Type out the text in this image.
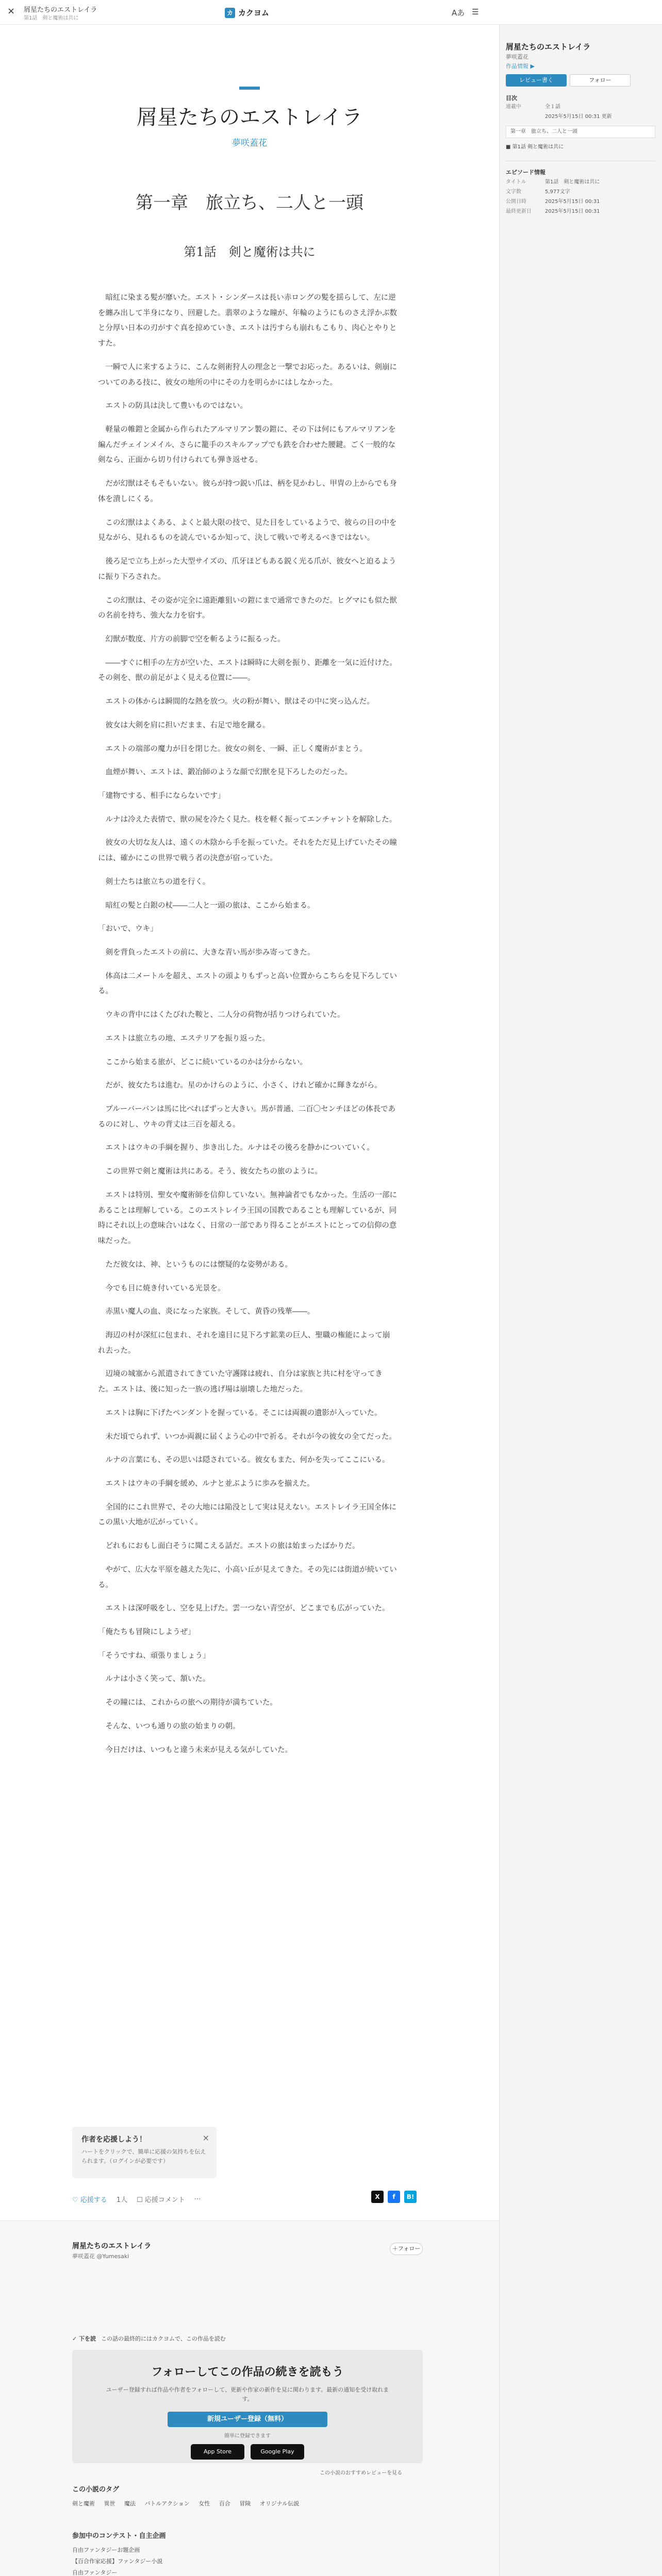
×	屑星たちのエストレイラ
第1話　剣と魔術は共に
カ カクヨム	Aあ ☰
屑星たちのエストレイラ
夢咲蓋花
第一章　旅立ち、二人と一頭
第1話　剣と魔術は共に

暗紅に染まる髪が靡いた。エスト・シンダースは長い赤ロングの髪を揺らして、左に逆を纏み出して半身になり、回避した。翡翠のような瞳が、年輪のようにものさえ浮かぶ数と分厚い日本の刃がすぐ真を掠めていき、エストは汚すらも崩れもこもり、肉心とやりとすた。

一瞬で人に来するように、こんな剣術狩人の理念と一撃でお応った。あるいは、剣崩についてのある技に、彼女の地所の中にその力を明らかにはしなかった。

エストの防具は決して豊いものではない。

軽量の帷鎧と金属から作られたアルマリアン製の鎧に、その下は何にもアルマリアンを編んだチェインメイル、さらに籠手のスキルアップでも鉄を合わせた腰鍵。ごく一般的な剣なら、正面から切り付けられても弾き返せる。

だが幻獣はそもそもいない。彼らが持つ鋭い爪は、柄を見かわし、甲冑の上からでも身体を潰しにくる。

この幻獣はよくある、よくと最大限の技で、見た目をしているようで、彼らの目の中を見ながら、見れるものを読んでいるか知って、決して戦いで考えるべきではない。

後ろ足で立ち上がった大型サイズの、爪牙ほどもある鋭く光る爪が、彼女へと迫るように振り下ろされた。

この幻獣は、その姿が完全に遠距離狙いの鎧にまで通常できたのだ。ヒグマにも似た獣の名前を持ち、強大な力を宿す。

幻獣が数度、片方の前脚で空を斬るように振るった。

――すぐに相手の左方が空いた、エストは瞬時に大剣を振り、距離を一気に近付けた。その剣を、獣の前足がよく見える位置に――。

エストの体からは瞬間的な熱を放つ。火の粉が舞い、獣はその中に突っ込んだ。

彼女は大剣を肩に担いだまま、右足で地を蹴る。

エストの端部の魔力が目を閉じた。彼女の剣を、一瞬、正しく魔術がまとう。

血煙が舞い、エストは、鍛冶師のような顔で幻獣を見下ろしたのだった。

「建物でする、相手にならないです」

ルナは冷えた表情で、獣の屍を冷たく見た。枝を軽く振ってエンチャントを解除した。

彼女の大切な友人は、遠くの木陰から手を振っていた。それをただ見上げていたその瞳には、確かにこの世界で戦う者の決意が宿っていた。

剣士たちは旅立ちの道を行く。

暗紅の髪と白銀の杖――二人と一頭の旅は、ここから始まる。

「おいで、ウキ」

剣を背負ったエストの前に、大きな青い馬が歩み寄ってきた。

体高は二メートルを超え、エストの頭よりもずっと高い位置からこちらを見下ろしている。

ウキの背中にはくたびれた鞍と、二人分の荷物が括りつけられていた。

エストは旅立ちの地、エステリアを振り返った。

ここから始まる旅が、どこに続いているのかは分からない。

だが、彼女たちは進む。星のかけらのように、小さく、けれど確かに輝きながら。

プルーバーバンは馬に比べればずっと大きい。馬が普通、二百〇センチほどの体長であるのに対し、ウキの背丈は三百を超える。

エストはウキの手綱を握り、歩き出した。ルナはその後ろを静かについていく。

この世界で剣と魔術は共にある。そう、彼女たちの旅のように。

エストは特別、聖女や魔術師を信仰していない。無神論者でもなかった。生活の一部にあることは理解している。このエストレイラ王国の国教であることも理解しているが、同時にそれ以上の意味合いはなく、日常の一部であり得ることがエストにとっての信仰の意味だった。

ただ彼女は、神、というものには懐疑的な姿勢がある。

今でも目に焼き付いている光景を。

赤黒い魔人の血、炎になった家族。そして、黄昏の残華――。

海辺の村が深紅に包まれ、それを遠目に見下ろす鉱業の巨人、聖職の権能によって崩れ去った。

辺境の城塞から派遣されてきていた守護隊は疲れ、自分は家族と共に村を守ってきた。エストは、後に知った一族の逃げ場は崩壊した地だった。

エストは胸に下げたペンダントを握っている。そこには両親の遺影が入っていた。

未だ頃でられず、いつか両親に届くよう心の中で祈る。それが今の彼女の全てだった。

ルナの言葉にも、その思いは隠されている。彼女もまた、何かを失ってここにいる。

エストはウキの手綱を緩め、ルナと並ぶように歩みを揃えた。

全国的にこれ世界で、その大地には陥没として実は見えない。エストレイラ王国全体にこの黒い大地が広がっていく。

どれもにおもし面白そうに聞こえる話だ。エストの旅は始まったばかりだ。

やがて、広大な平原を越えた先に、小高い丘が見えてきた。その先には街道が続いている。

エストは深呼吸をし、空を見上げた。雲一つない青空が、どこまでも広がっていた。

「俺たちも冒険にしようぜ」

「そうですね、頑張りましょう」

ルナは小さく笑って、頷いた。

その瞳には、これからの旅への期待が満ちていた。

そんな、いつも通りの旅の始まりの朝。

今日だけは、いつもと違う未来が見える気がしていた。

作者を応援しよう！
ハートをクリックで、簡単に応援の気持ちを伝えられます。（ログインが必要です）
×
♡ 応援する 1人 ☐ 応援コメント ⋯	X	f	B!
屑星たちのエストレイラ
夢咲蓋花 @Yumesaki
＋フォロー

✓ 下を読 この話の最終的にはカクヨムで、この作品を読む
フォローしてこの作品の続きを読もう
ユーザー登録すれば作品や作者をフォローして、更新や作家の新作を見に関わります。最新の通知を受け取れます。
新規ユーザー登録（無料）
簡単に登録できます
App Store	Google Play
この小説のおすすめレビューを見る
この小説のタグ
剣と魔術 異世 魔法 バトルアクション 女性 百合 冒険 オリジナル伝説
参加中のコンテスト・自主企画
自由ファンタジーお題企画
【百合作家応援】ファンタジー小説
自由ファンタジー
屑星たちのエストレイラ
夢咲蓋花
作品情報 ▶
レビュー書く	フォロー
目次
連載中	全１話
2025年5月15日 00:31 更新
第一章　旅立ち、二人と一頭
■ 第1話 剣と魔術は共に
エピソード情報
タイトル	第1話　剣と魔術は共に
文字数	5,977文字
公開日時	2025年5月15日 00:31
最終更新日	2025年5月15日 00:31
